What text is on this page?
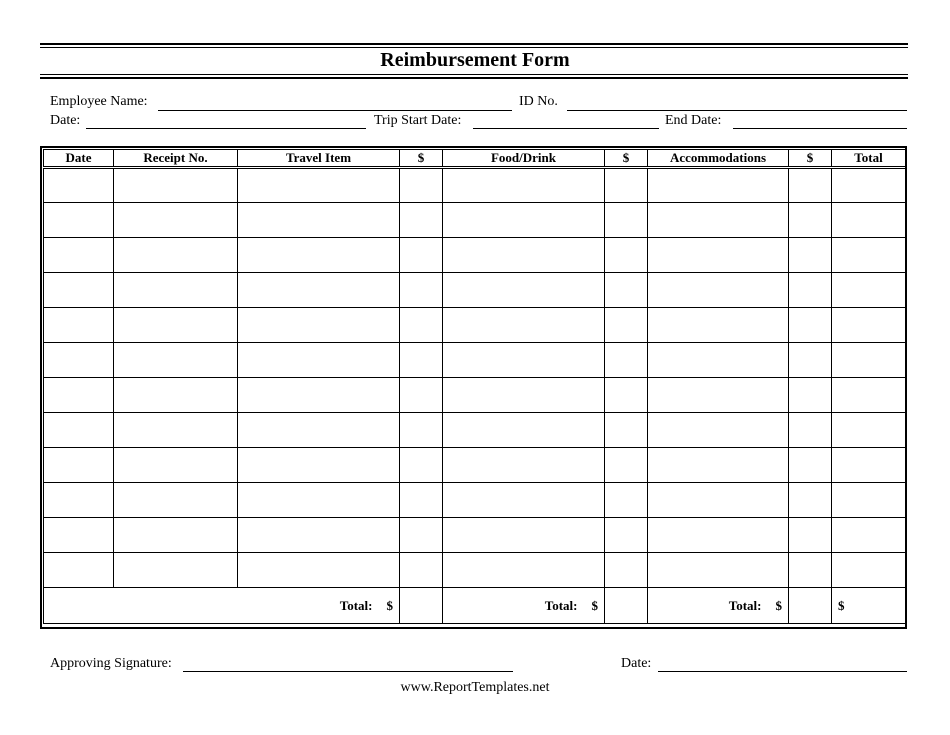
Reimbursement Form
Employee Name:	ID No.
Date:	Trip Start Date:	End Date:
Date	Receipt No.	Travel Item	$	Food/Drink	$	Accommodations	$	Total

Total: $				Total: $		Total: $		$
Approving Signature:	Date:
www.ReportTemplates.net
